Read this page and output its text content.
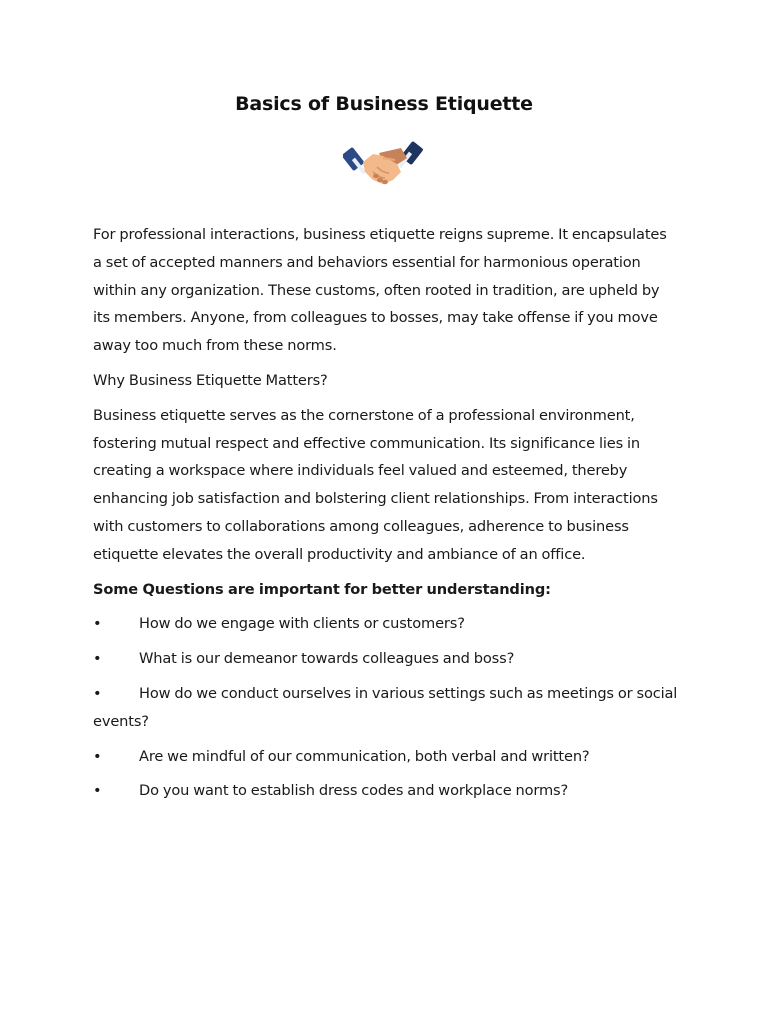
Basics of Business Etiquette

For professional interactions, business etiquette reigns supreme. It encapsulates a set of accepted manners and behaviors essential for harmonious operation within any organization. These customs, often rooted in tradition, are upheld by its members. Anyone, from colleagues to bosses, may take offense if you move away too much from these norms.

Why Business Etiquette Matters?

Business etiquette serves as the cornerstone of a professional environment, fostering mutual respect and effective communication. Its significance lies in creating a workspace where individuals feel valued and esteemed, thereby enhancing job satisfaction and bolstering client relationships. From interactions with customers to collaborations among colleagues, adherence to business etiquette elevates the overall productivity and ambiance of an office.

Some Questions are important for better understanding:

•	How do we engage with clients or customers?

•	What is our demeanor towards colleagues and boss?

•	How do we conduct ourselves in various settings such as meetings or social events?

•	Are we mindful of our communication, both verbal and written?

•	Do you want to establish dress codes and workplace norms?
